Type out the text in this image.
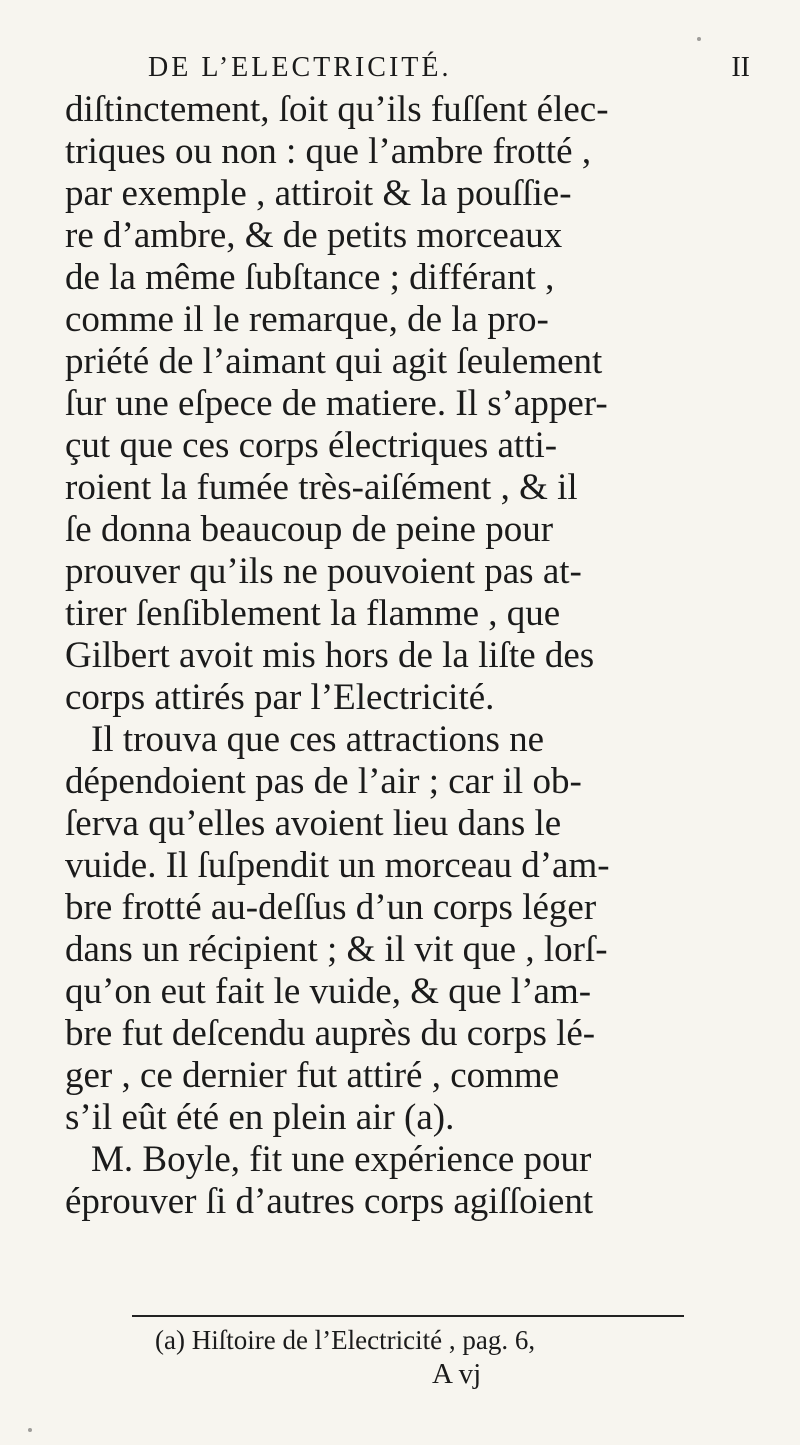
DE L’ELECTRICITÉ.	II
diſtinctement, ſoit qu’ils fuſſent élec-
triques ou non : que l’ambre frotté ,
par exemple , attiroit & la pouſſie-
re d’ambre, & de petits morceaux
de la même ſubſtance ; différant ,
comme il le remarque, de la pro-
priété de l’aimant qui agit ſeulement
ſur une eſpece de matiere. Il s’apper-
çut que ces corps électriques atti-
roient la fumée très-aiſément , & il
ſe donna beaucoup de peine pour
prouver qu’ils ne pouvoient pas at-
tirer ſenſiblement la flamme , que
Gilbert avoit mis hors de la liſte des
corps attirés par l’Electricité.
Il trouva que ces attractions ne
dépendoient pas de l’air ; car il ob-
ſerva qu’elles avoient lieu dans le
vuide. Il ſuſpendit un morceau d’am-
bre frotté au-deſſus d’un corps léger
dans un récipient ; & il vit que , lorſ-
qu’on eut fait le vuide, & que l’am-
bre fut deſcendu auprès du corps lé-
ger , ce dernier fut attiré , comme
s’il eût été en plein air (a).
M. Boyle, fit une expérience pour
éprouver ſi d’autres corps agiſſoient
(a) Hiſtoire de l’Electricité , pag. 6,
A vj
